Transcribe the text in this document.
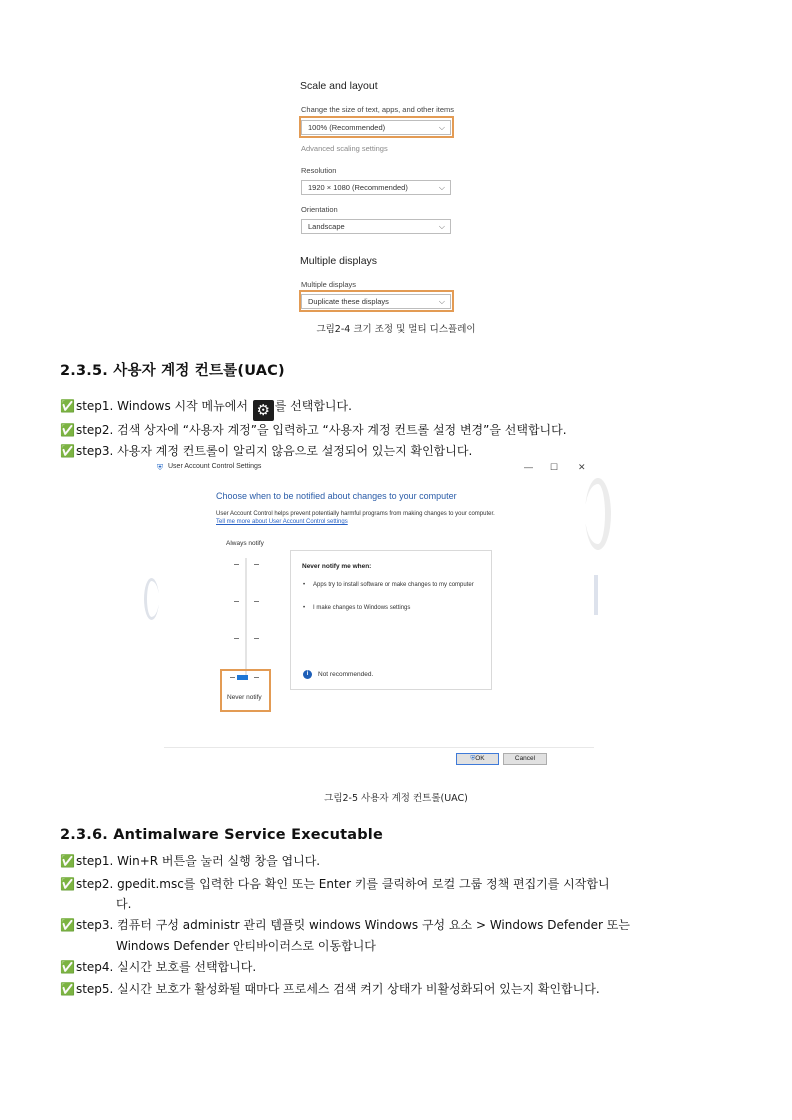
Scale and layout
Change the size of text, apps, and other items
100% (Recommended)	⌵
Advanced scaling settings
Resolution
1920 × 1080 (Recommended)	⌵
Orientation
Landscape	⌵
Multiple displays
Multiple displays
Duplicate these displays	⌵
그림2-4 크기 조정 및 멀티 디스플레이
2.3.5. 사용자 계정 컨트롤(UAC)
✅step1. Windows 시작 메뉴에서 ⚙ 를 선택합니다.
✅step2. 검색 상자에 “사용자 계정”을 입력하고 “사용자 계정 컨트롤 설정 변경”을 선택합니다.
✅step3. 사용자 계정 컨트롤이 알리지 않음으로 설정되어 있는지 확인합니다.
⛨ User Account Control Settings	— ☐ ✕
Choose when to be notified about changes to your computer
User Account Control helps prevent potentially harmful programs from making changes to your computer.
Tell me more about User Account Control settings
Always notify
Never notify
Never notify me when:
• Apps try to install software or make changes to my computer
• I make changes to Windows settings
i	Not recommended.
⛨OK	Cancel
그림2-5 사용자 계정 컨트롤(UAC)
2.3.6. Antimalware Service Executable
✅step1. Win+R 버튼을 눌러 실행 창을 엽니다.
✅step2. gpedit.msc를 입력한 다음 확인 또는 Enter 키를 클릭하여 로컬 그룹 정책 편집기를 시작합니
다.
✅step3. 컴퓨터 구성 administr 관리 템플릿 windows Windows 구성 요소 > Windows Defender 또는
Windows Defender 안티바이러스로 이동합니다
✅step4. 실시간 보호를 선택합니다.
✅step5. 실시간 보호가 활성화될 때마다 프로세스 검색 켜기 상태가 비활성화되어 있는지 확인합니다.
